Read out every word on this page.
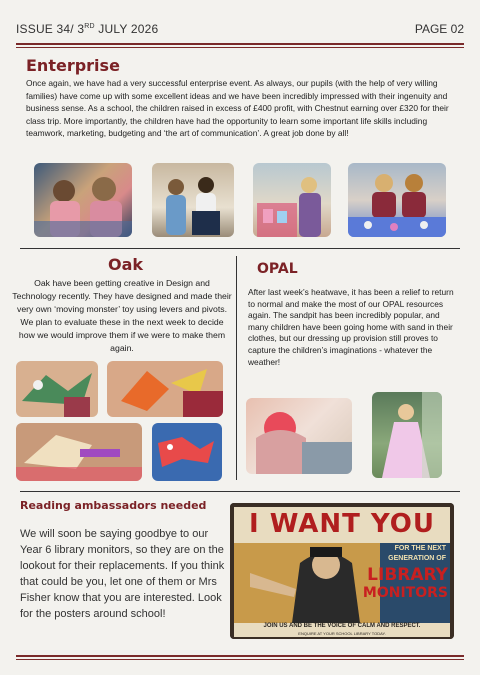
ISSUE 34/ 3RD JULY 2026	PAGE 02
Enterprise
Once again, we have had a very successful enterprise event. As always, our pupils (with the help of very willing families) have come up with some excellent ideas and we have been incredibly impressed with their ingenuity and business sense. As a school, the children raised in excess of £400 profit, with Chestnut earning over £320 for their class trip. More importantly, the children have had the opportunity to learn some important life skills including teamwork, marketing, budgeting and ‘the art of communication’. A great job done by all!
Oak
Oak have been getting creative in Design and Technology recently. They have designed and made their very own ‘moving monster’ toy using levers and pivots. We plan to evaluate these in the next week to decide how we would improve them if we were to make them again.
OPAL
After last week’s heatwave, it has been a relief to return to normal and make the most of our OPAL resources again. The sandpit has been incredibly popular, and many children have been going home with sand in their clothes, but our dressing up provision still proves to capture the children’s imaginations - whatever the weather!
Reading ambassadors needed
We will soon be saying goodbye to our Year 6 library monitors, so they are on the lookout for their replacements. If you think that could be you, let one of them or Mrs Fisher know that you are interested. Look for the posters around school!
I WANT YOU
FOR THE NEXT
GENERATION OF
LIBRARY
MONITORS
JOIN US AND BE THE VOICE OF CALM AND RESPECT.
ENQUIRE AT YOUR SCHOOL LIBRARY TODAY.
